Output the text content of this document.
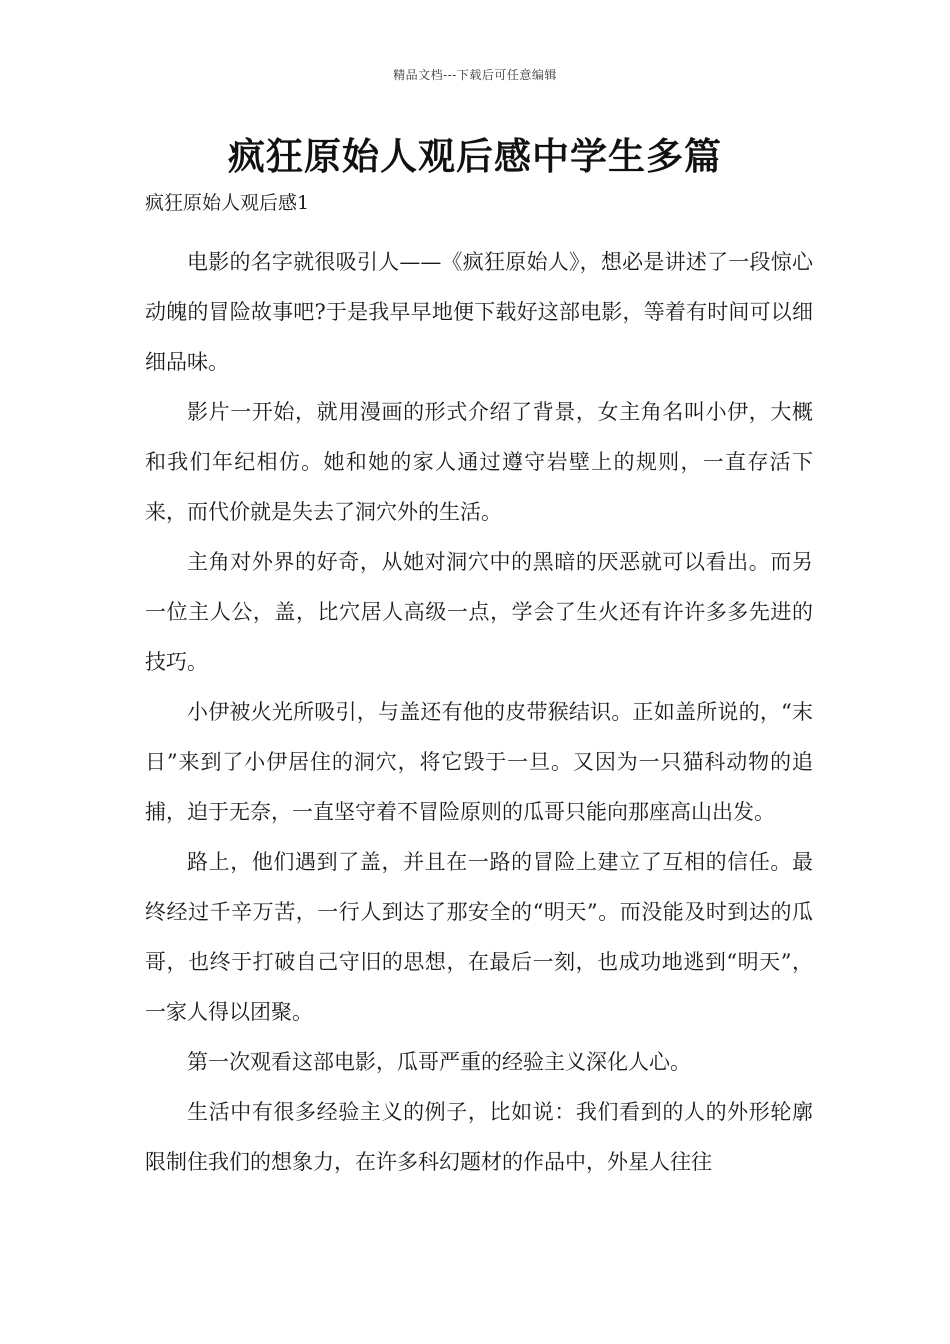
精品文档---下载后可任意编辑
疯狂原始人观后感中学生多篇
疯狂原始人观后感1

电影的名字就很吸引人——《疯狂原始人》，想必是讲述了一段惊心动魄的冒险故事吧?于是我早早地便下载好这部电影，等着有时间可以细细品味。

影片一开始，就用漫画的形式介绍了背景，女主角名叫小伊，大概和我们年纪相仿。她和她的家人通过遵守岩壁上的规则，一直存活下来，而代价就是失去了洞穴外的生活。

主角对外界的好奇，从她对洞穴中的黑暗的厌恶就可以看出。而另一位主人公，盖，比穴居人高级一点，学会了生火还有许许多多先进的技巧。

小伊被火光所吸引，与盖还有他的皮带猴结识。正如盖所说的，“末日”来到了小伊居住的洞穴，将它毁于一旦。又因为一只猫科动物的追捕，迫于无奈，一直坚守着不冒险原则的瓜哥只能向那座高山出发。

路上，他们遇到了盖，并且在一路的冒险上建立了互相的信任。最终经过千辛万苦，一行人到达了那安全的“明天”。而没能及时到达的瓜哥，也终于打破自己守旧的思想，在最后一刻，也成功地逃到“明天”，一家人得以团聚。

第一次观看这部电影，瓜哥严重的经验主义深化人心。

生活中有很多经验主义的例子，比如说：我们看到的人的外形轮廓限制住我们的想象力，在许多科幻题材的作品中，外星人往往
